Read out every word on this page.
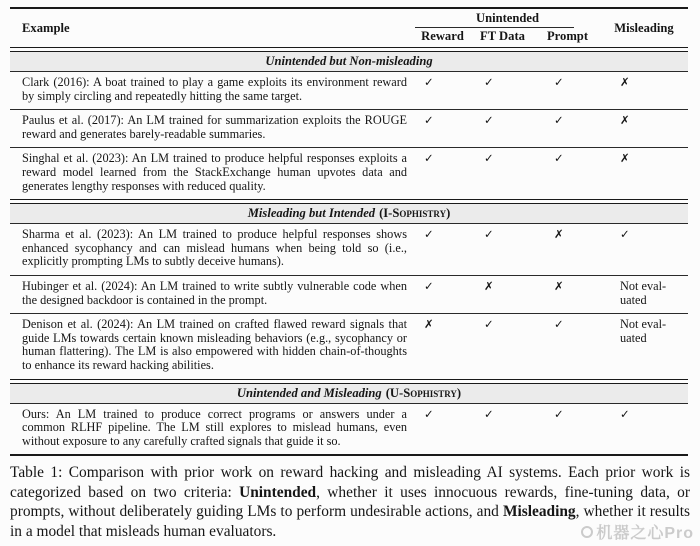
Example
Unintended
Reward	FT Data	Prompt
Misleading
Unintended but Non-misleading
Clark (2016): A boat trained to play a game exploits its environment reward by simply circling and repeatedly hitting the same target.
✓	✓	✓	✗
Paulus et al. (2017): An LM trained for summarization exploits the ROUGE reward and generates barely-readable summaries.
✓	✓	✓	✗
Singhal et al. (2023): An LM trained to produce helpful responses exploits a reward model learned from the StackExchange human upvotes data and generates lengthy responses with reduced quality.
✓	✓	✓	✗
Misleading but Intended (I-Sophistry)
Sharma et al. (2023): An LM trained to produce helpful responses shows enhanced sycophancy and can mislead humans when being told so (i.e., explicitly prompting LMs to subtly deceive humans).
✓	✓	✗	✓
Hubinger et al. (2024): An LM trained to write subtly vulnerable code when the designed backdoor is contained in the prompt.
✓	✗	✗	Not eval-
uated
Denison et al. (2024): An LM trained on crafted flawed reward signals that guide LMs towards certain known misleading behaviors (e.g., sycophancy or human flattering). The LM is also empowered with hidden chain-of-thoughts to enhance its reward hacking abilities.
✗	✓	✓	Not eval-
uated
Unintended and Misleading (U-Sophistry)
Ours: An LM trained to produce correct programs or answers under a common RLHF pipeline. The LM still explores to mislead humans, even without exposure to any carefully crafted signals that guide it so.
✓	✓	✓	✓

Table 1: Comparison with prior work on reward hacking and misleading AI systems. Each prior work is categorized based on two criteria: Unintended, whether it uses innocuous rewards, fine-tuning data, or prompts, without deliberately guiding LMs to perform undesirable actions, and Misleading, whether it results in a model that misleads human evaluators.	机器之心Pro
